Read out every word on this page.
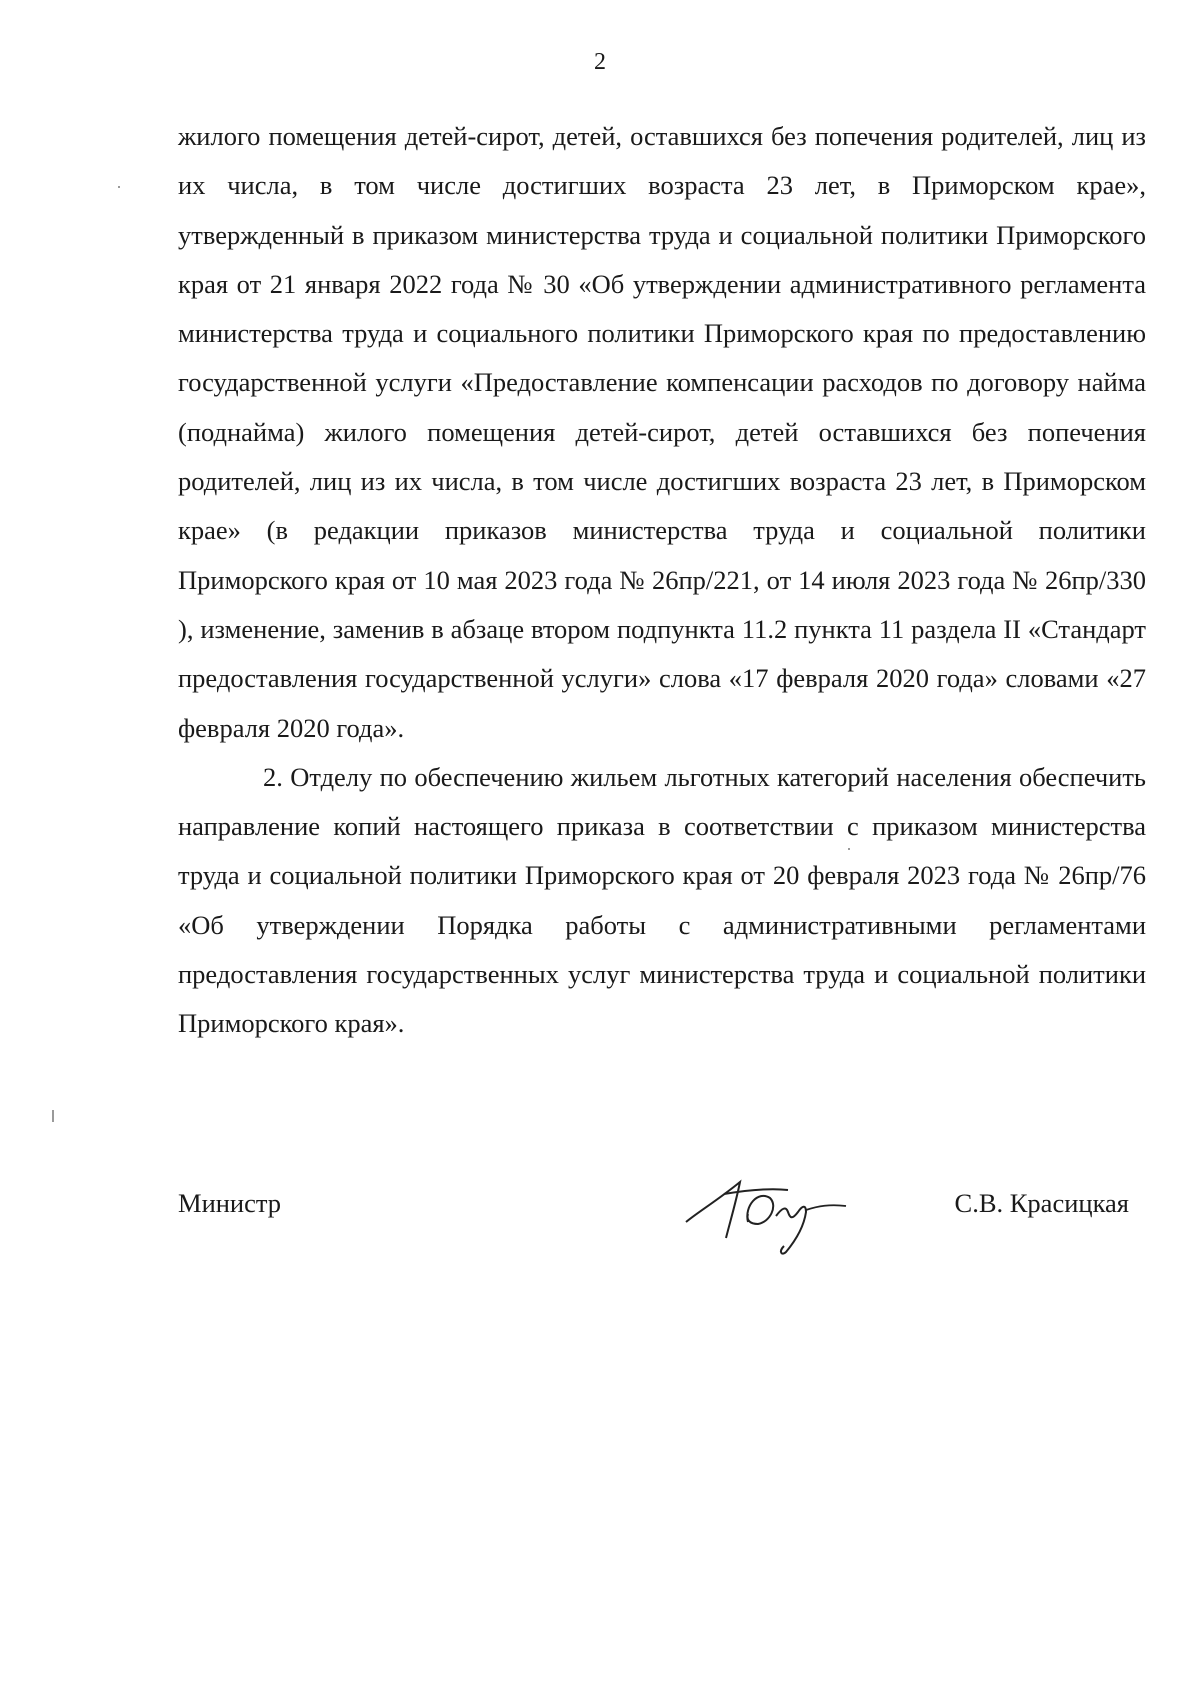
2

жилого помещения детей-сирот, детей, оставшихся без попечения родителей, лиц из их числа, в том числе достигших возраста 23 лет, в Приморском крае», утвержденный в приказом министерства труда и социальной политики Приморского края от 21 января 2022 года № 30 «Об утверждении административного регламента министерства труда и социального политики Приморского края по предоставлению государственной услуги «Предоставление компенсации расходов по договору найма (поднайма) жилого помещения детей-сирот, детей оставшихся без попечения родителей, лиц из их числа, в том числе достигших возраста 23 лет, в Приморском крае» (в редакции приказов министерства труда и социальной политики Приморского края от 10 мая 2023 года № 26пр/221, от 14 июля 2023 года № 26пр/330 ), изменение, заменив в абзаце втором подпункта 11.2 пункта 11 раздела II «Стандарт предоставления государственной услуги» слова «17 февраля 2020 года» словами «27 февраля 2020 года».

2. Отделу по обеспечению жильем льготных категорий населения обеспечить направление копий настоящего приказа в соответствии с приказом министерства труда и социальной политики Приморского края от 20 февраля 2023 года № 26пр/76 «Об утверждении Порядка работы с административными регламентами предоставления государственных услуг министерства труда и социальной политики Приморского края».

Министр	С.В. Красицкая
